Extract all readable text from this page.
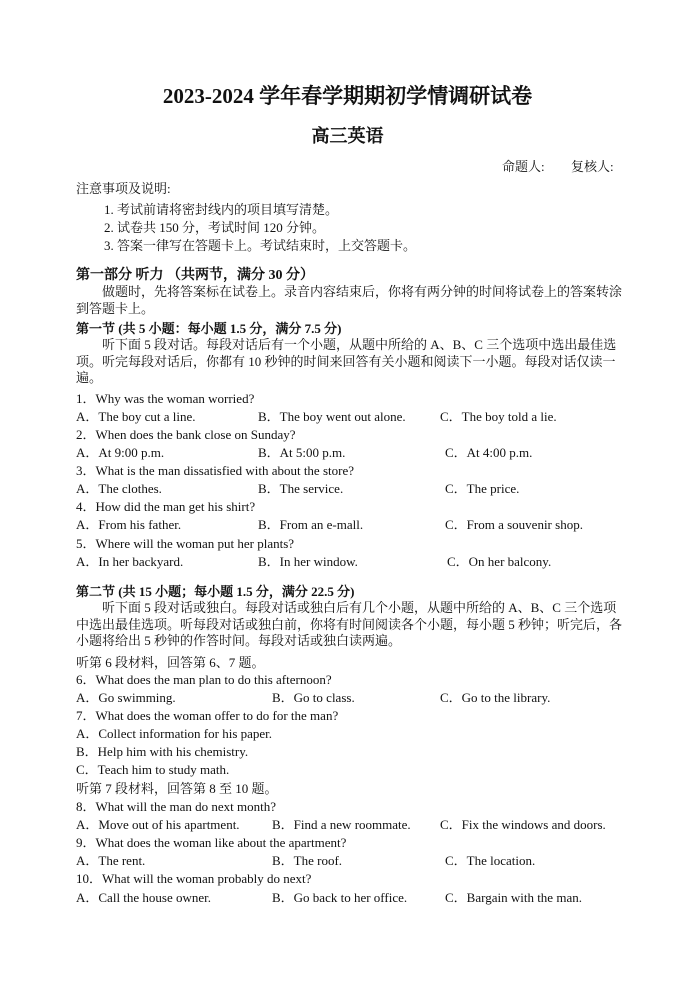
2023-2024 学年春学期期初学情调研试卷
高三英语
命题人: 复核人:
注意事项及说明:
1. 考试前请将密封线内的项目填写清楚。
2. 试卷共 150 分，考试时间 120 分钟。
3. 答案一律写在答题卡上。考试结束时，上交答题卡。
第一部分 听力 （共两节，满分 30 分）
做题时，先将答案标在试卷上。录音内容结束后，你将有两分钟的时间将试卷上的答案转涂到答题卡上。
第一节 (共 5 小题：每小题 1.5 分，满分 7.5 分)
听下面 5 段对话。每段对话后有一个小题，从题中所给的 A、B、C 三个选项中选出最佳选项。听完每段对话后，你都有 10 秒钟的时间来回答有关小题和阅读下一小题。每段对话仅读一遍。
1．Why was the woman worried?
A．The boy cut a line.	B．The boy went out alone.	C．The boy told a lie.
2．When does the bank close on Sunday?
A．At 9:00 p.m.	B．At 5:00 p.m.	C．At 4:00 p.m.
3．What is the man dissatisfied with about the store?
A．The clothes.	B．The service.	C．The price.
4．How did the man get his shirt?
A．From his father.	B．From an e-mall.	C．From a souvenir shop.
5．Where will the woman put her plants?
A．In her backyard.	B．In her window.	C．On her balcony.
第二节 (共 15 小题；每小题 1.5 分，满分 22.5 分)
听下面 5 段对话或独白。每段对话或独白后有几个小题，从题中所给的 A、B、C 三个选项中选出最佳选项。听每段对话或独白前，你将有时间阅读各个小题，每小题 5 秒钟；听完后，各小题将给出 5 秒钟的作答时间。每段对话或独白读两遍。
听第 6 段材料，回答第 6、7 题。
6．What does the man plan to do this afternoon?
A．Go swimming.	B．Go to class.	C．Go to the library.
7．What does the woman offer to do for the man?
A．Collect information for his paper.
B．Help him with his chemistry.
C．Teach him to study math.
听第 7 段材料，回答第 8 至 10 题。
8．What will the man do next month?
A．Move out of his apartment. B．Find a new roommate. C．Fix the windows and doors.
9．What does the woman like about the apartment?
A．The rent.	B．The roof.	C．The location.
10．What will the woman probably do next?
A．Call the house owner.	B．Go back to her office.	C．Bargain with the man.
